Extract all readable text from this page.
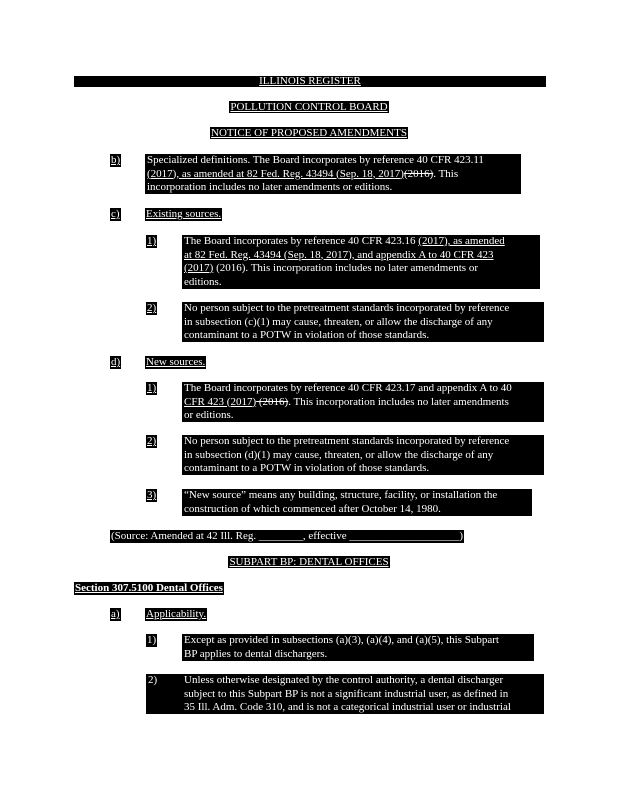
ILLINOIS REGISTER
POLLUTION CONTROL BOARD
NOTICE OF PROPOSED AMENDMENTS
b) Specialized definitions. The Board incorporates by reference 40 CFR 423.11
(2017), as amended at 82 Fed. Reg. 43494 (Sep. 18, 2017)(2016). This
incorporation includes no later amendments or editions.
c) Existing sources.
1)	The Board incorporates by reference 40 CFR 423.16 (2017), as amended
at 82 Fed. Reg. 43494 (Sep. 18, 2017), and appendix A to 40 CFR 423
(2017) (2016). This incorporation includes no later amendments or
editions.
2)	No person subject to the pretreatment standards incorporated by reference
in subsection (c)(1) may cause, threaten, or allow the discharge of any
contaminant to a POTW in violation of those standards.
d) New sources.
1)	The Board incorporates by reference 40 CFR 423.17 and appendix A to 40
CFR 423 (2017) (2016). This incorporation includes no later amendments
or editions.
2)	No person subject to the pretreatment standards incorporated by reference
in subsection (d)(1) may cause, threaten, or allow the discharge of any
contaminant to a POTW in violation of those standards.
3)	“New source” means any building, structure, facility, or installation the
construction of which commenced after October 14, 1980.
(Source: Amended at 42 Ill. Reg. ________, effective ____________________)
SUBPART BP: DENTAL OFFICES
Section 307.5100 Dental Offices
a) Applicability.
1)	Except as provided in subsections (a)(3), (a)(4), and (a)(5), this Subpart
BP applies to dental dischargers.
2) Unless otherwise designated by the control authority, a dental discharger
subject to this Subpart BP is not a significant industrial user, as defined in
35 Ill. Adm. Code 310, and is not a categorical industrial user or industrial
